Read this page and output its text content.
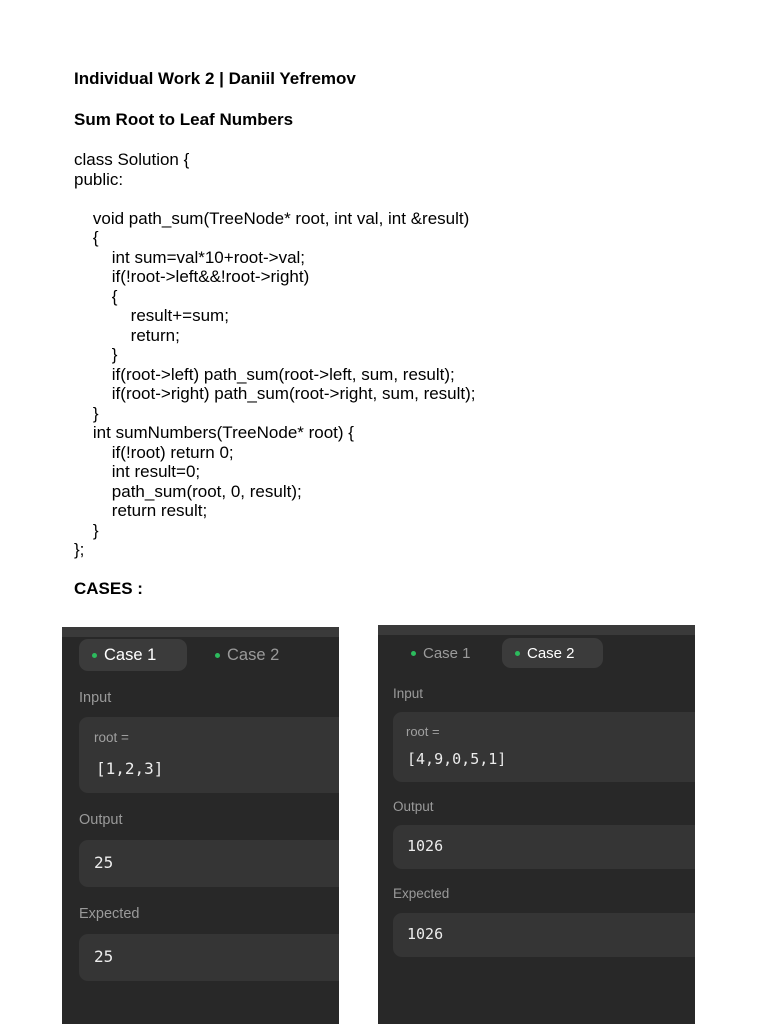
Individual Work 2 | Daniil Yefremov
Sum Root to Leaf Numbers
class Solution {
public:

void path_sum(TreeNode* root, int val, int &result)
{
int sum=val*10+root->val;
if(!root->left&&!root->right)
{
result+=sum;
return;
}
if(root->left) path_sum(root->left, sum, result);
if(root->right) path_sum(root->right, sum, result);
}
int sumNumbers(TreeNode* root) {
if(!root) return 0;
int result=0;
path_sum(root, 0, result);
return result;
}
};
CASES :
Case 1	Case 2
Input
root =
[1,2,3]
Output
25
Expected
25
Case 1	Case 2
Input
root =
[4,9,0,5,1]
Output
1026
Expected
1026
